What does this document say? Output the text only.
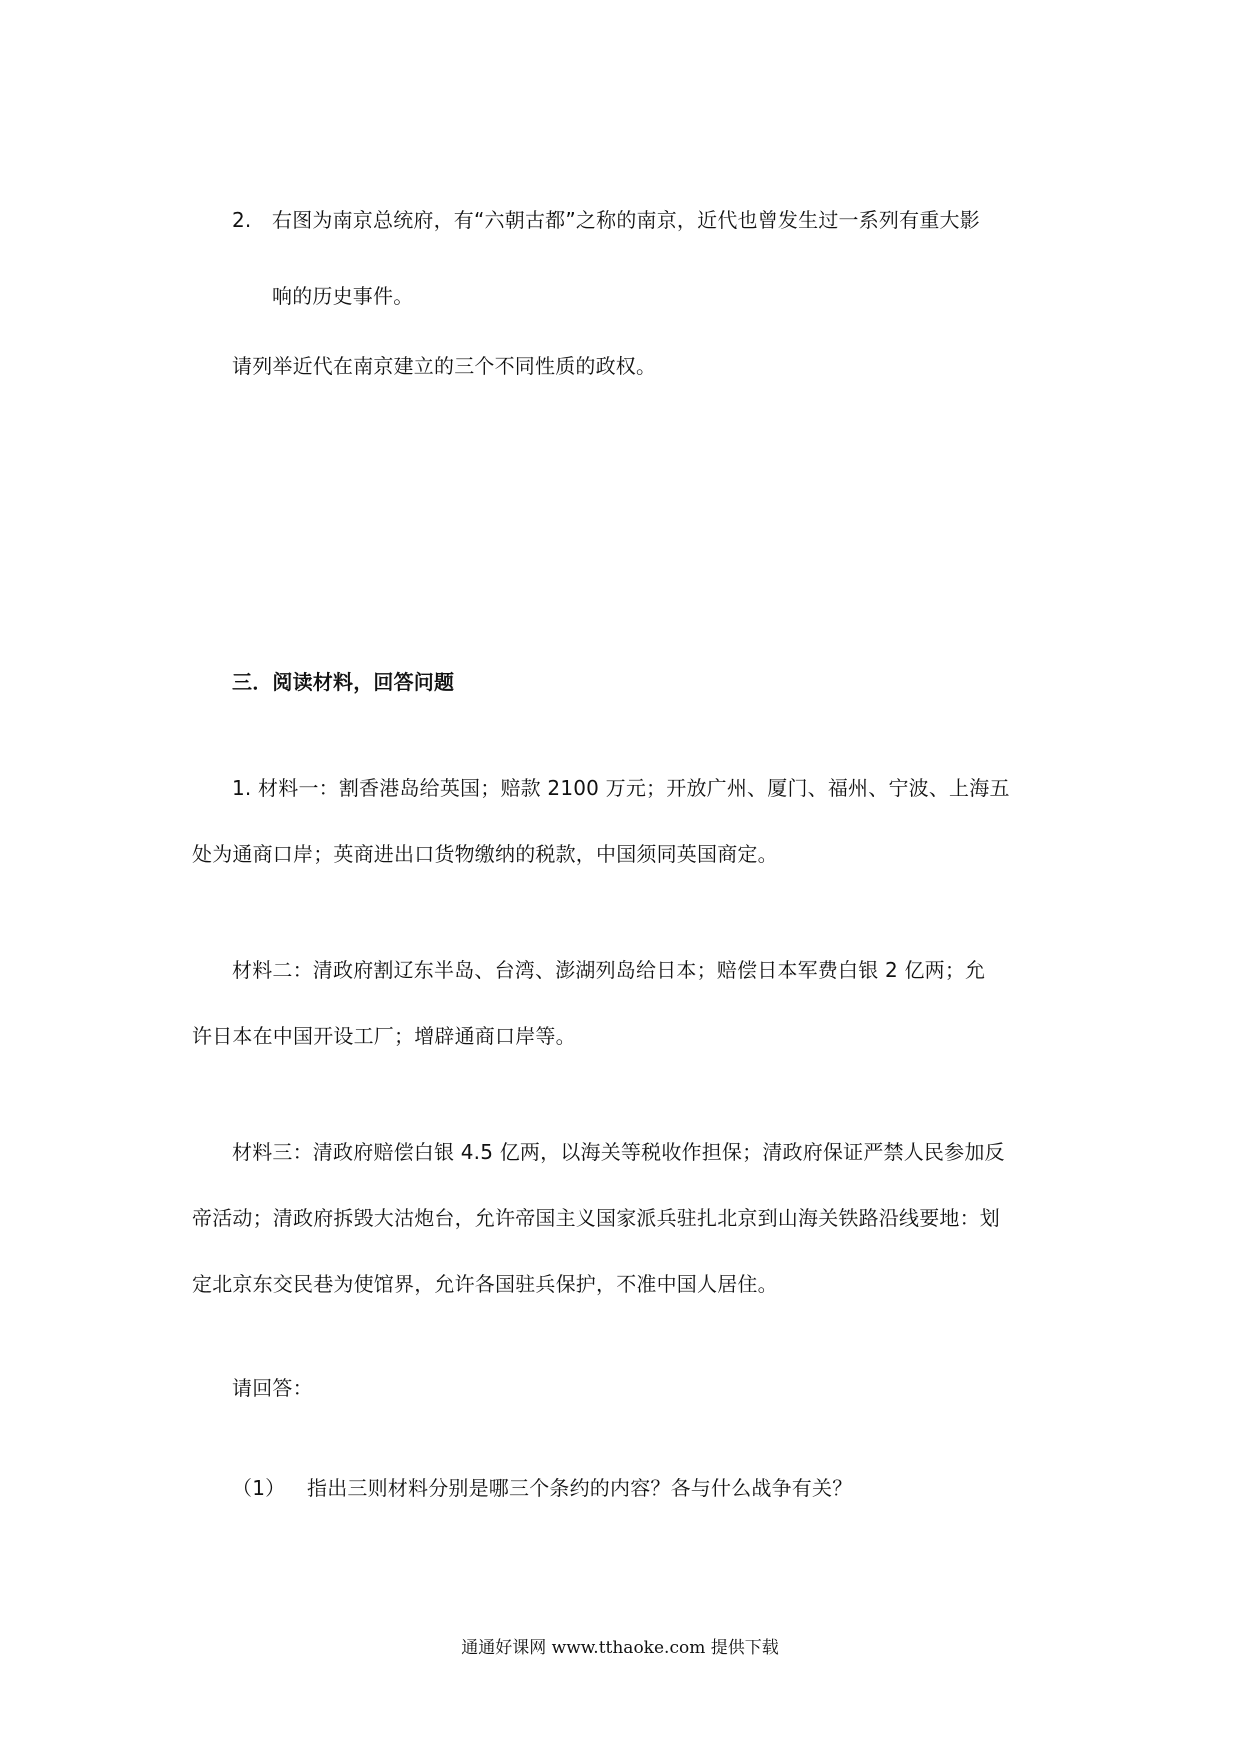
2. 右图为南京总统府，有“六朝古都”之称的南京，近代也曾发生过一系列有重大影
响的历史事件。
请列举近代在南京建立的三个不同性质的政权。
三．阅读材料，回答问题
1. 材料一：割香港岛给英国；赔款 2100 万元；开放广州、厦门、福州、宁波、上海五
处为通商口岸；英商进出口货物缴纳的税款，中国须同英国商定。
材料二：清政府割辽东半岛、台湾、澎湖列岛给日本；赔偿日本军费白银 2 亿两；允
许日本在中国开设工厂；增辟通商口岸等。
材料三：清政府赔偿白银 4.5 亿两，以海关等税收作担保；清政府保证严禁人民参加反
帝活动；清政府拆毁大沽炮台，允许帝国主义国家派兵驻扎北京到山海关铁路沿线要地：划
定北京东交民巷为使馆界，允许各国驻兵保护，不准中国人居住。
请回答：
（1） 指出三则材料分别是哪三个条约的内容？各与什么战争有关？
通通好课网 www.tthaoke.com 提供下载
